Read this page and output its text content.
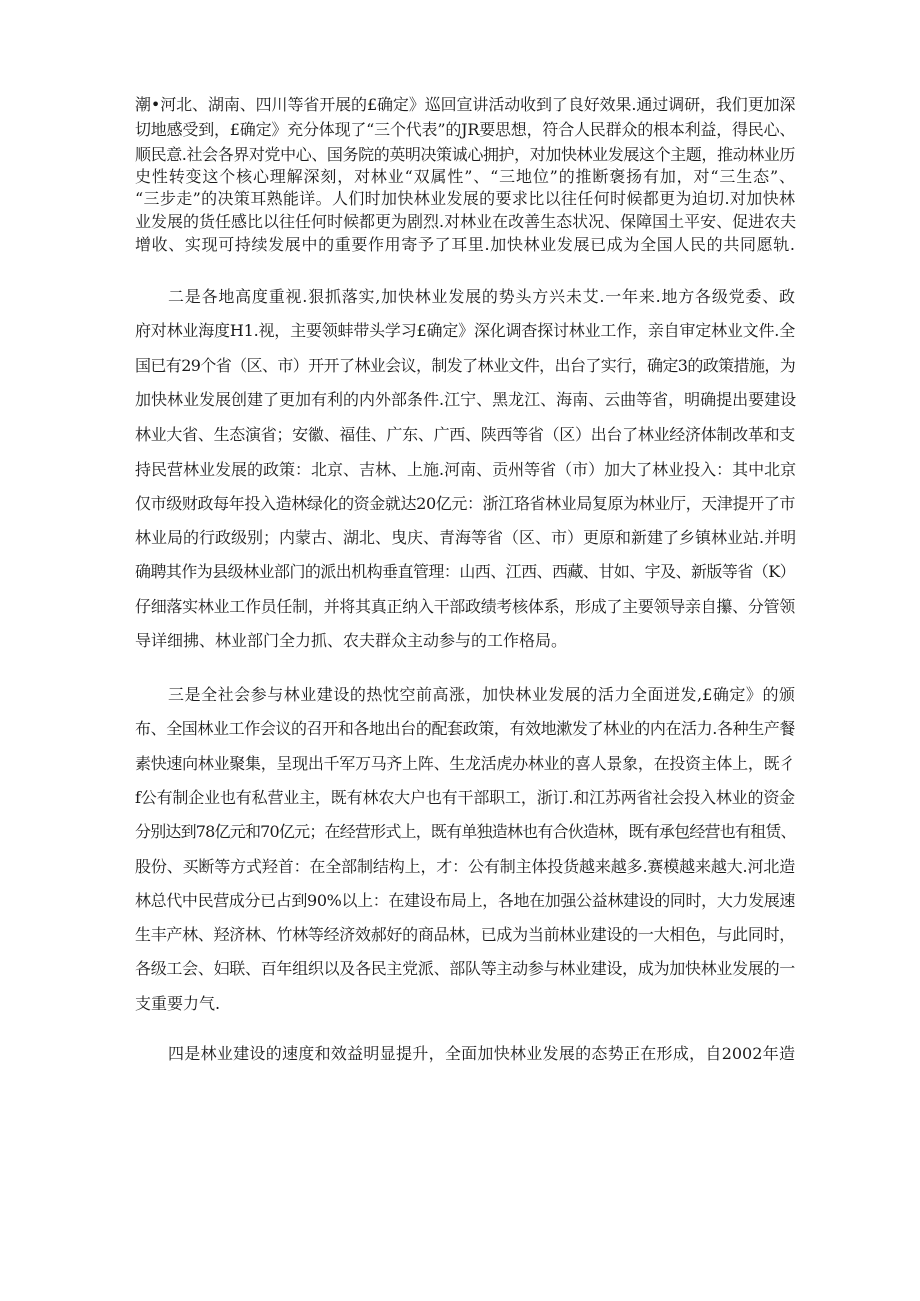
潮•河北、湖南、四川等省开展的£确定》巡回宣讲活动收到了良好效果.通过调研，我们更加深
切地感受到，£确定》充分体现了“三个代表”的JR要思想，符合人民群众的根本利益，得民心、
顺民意.社会各界对党中心、国务院的英明决策诚心拥护，对加快林业发展这个主题，推动林业历
史性转变这个核心理解深刻，对林业“双属性”、“三地位”的推断褒扬有加，对“三生态”、
“三步走”的决策耳熟能详。人们时加快林业发展的要求比以往任何时候都更为迫切.对加快林
业发展的货任感比以往任何时候都更为剧烈.对林业在改善生态状况、保障国土平安、促进农夫
增收、实现可持续发展中的重要作用寄予了耳里.加快林业发展已成为全国人民的共同愿轨.
二是各地高度重视.狠抓落实,加快林业发展的势头方兴未艾.一年来.地方各级党委、政
府对林业海度H1.视，主要领蚌带头学习£确定》深化调杳探讨林业工作，亲自审定林业文件.全
国已有29个省（区、市）开开了林业会议，制发了林业文件，出台了实行，确定3的政策措施，为
加快林业发展创建了更加有利的内外部条件.江宁、黑龙江、海南、云曲等省，明确提出要建设
林业大省、生态演省；安徽、福佳、广东、广西、陕西等省（区）出台了林业经济体制改革和支
持民营林业发展的政策：北京、吉林、上施.河南、贡州等省（市）加大了林业投入：其中北京
仅市级财政每年投入造林绿化的资金就达20亿元：浙江珞省林业局复原为林业厅，天津提开了市
林业局的行政级别；内蒙古、湖北、曳庆、青海等省（区、市）更原和新建了乡镇林业站.并明
确聘其作为县级林业部门的派出机构垂直管理：山西、江西、西藏、甘如、宇及、新版等省（K）
仔细落实林业工作员任制，并将其真正纳入干部政绩考核体系，形成了主要领导亲自攥、分管领
导详细拂、林业部门全力抓、农夫群众主动参与的工作格局。
三是全社会参与林业建设的热忱空前高涨，加快林业发展的活力全面迸发,£确定》的颁
布、全国林业工作会议的召开和各地出台的配套政策，有效地漱发了林业的内在活力.各种生产餐
素快速向林业聚集，呈现出千军万马齐上阵、生龙活虎办林业的喜人景象，在投资主体上，既彳
f公有制企业也有私营业主，既有林农大户也有干部职工，浙订.和江苏两省社会投入林业的资金
分别达到78亿元和70亿元；在经营形式上，既有单独造林也有合伙造林，既有承包经营也有租赁、
股份、买断等方式羟首：在全部制结构上，才：公有制主体投货越来越多.赛模越来越大.河北造
林总代中民营成分已占到90%以上：在建设布局上，各地在加强公益林建设的同时，大力发展速
生丰产林、羟济林、竹林等经济效郝好的商品林，已成为当前林业建设的一大相色，与此同时，
各级工会、妇联、百年组织以及各民主党派、部队等主动参与林业建设，成为加快林业发展的一
支重要力气.
四是林业建设的速度和效益明显提升，全面加快林业发展的态势正在形成，自2002年造
